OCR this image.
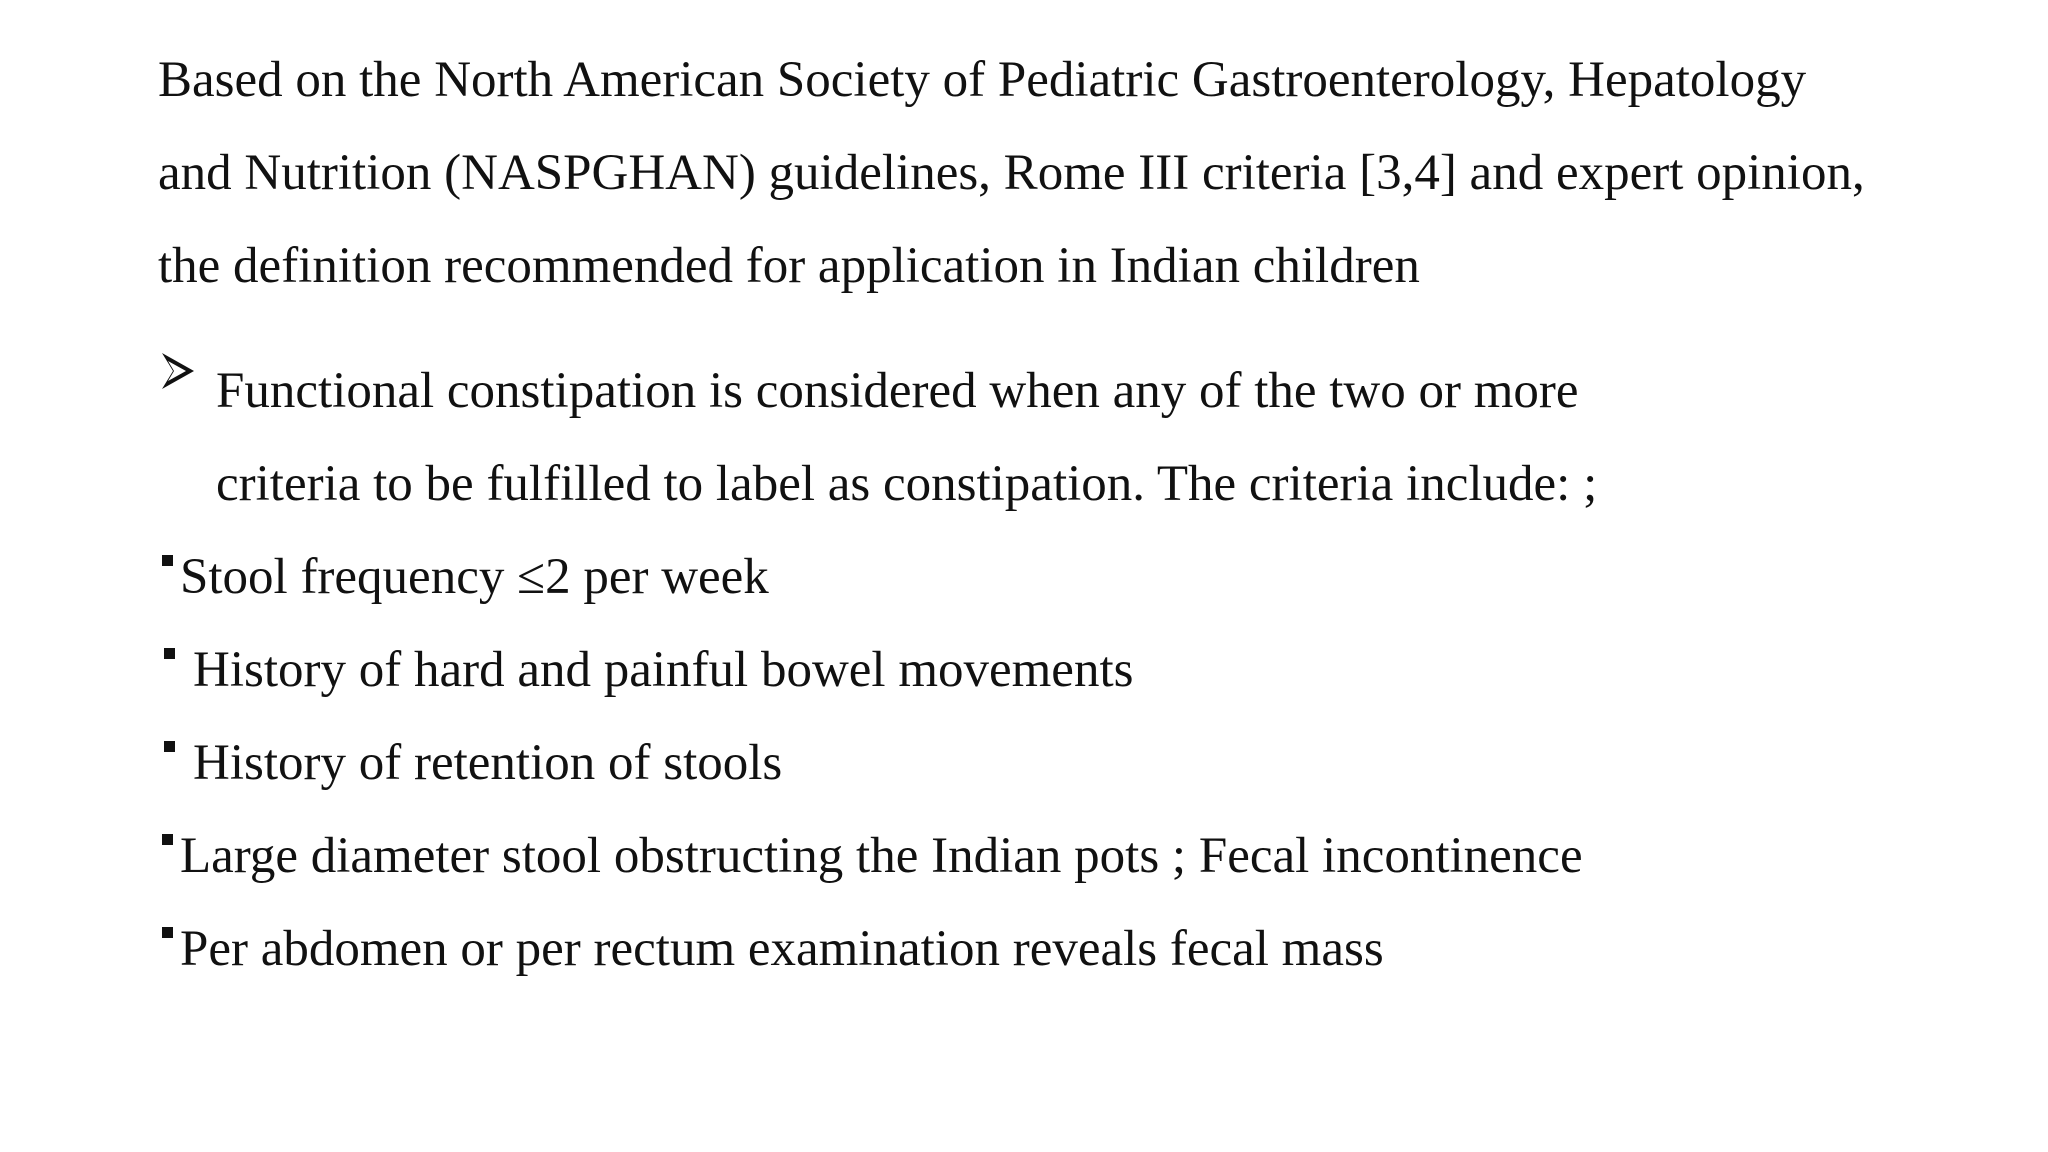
Based on the North American Society of Pediatric Gastroenterology, Hepatology
and Nutrition (NASPGHAN) guidelines, Rome III criteria [3,4] and expert opinion,
the definition recommended for application in Indian children
Functional constipation is considered when any of the two or more
criteria to be fulfilled to label as constipation. The criteria include: ;
Stool frequency ≤2 per week
History of hard and painful bowel movements
History of retention of stools
Large diameter stool obstructing the Indian pots ; Fecal incontinence
Per abdomen or per rectum examination reveals fecal mass
